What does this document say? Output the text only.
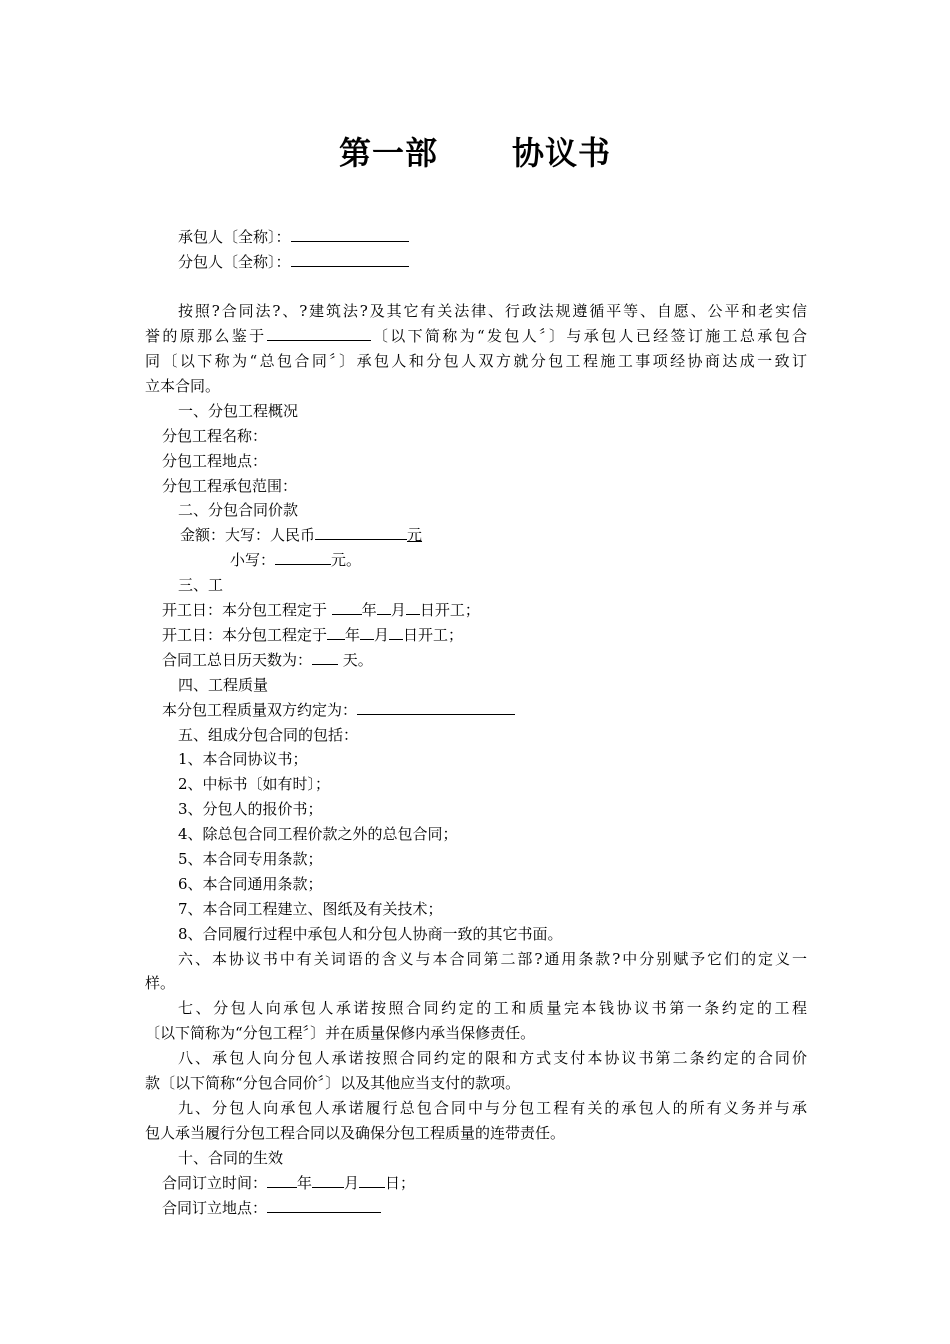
第一部 协议书
承包人〔全称〕：
分包人〔全称〕：
按照?合同法?、?建筑法?及其它有关法律、行政法规遵循平等、自愿、公平和老实信
誉的原那么鉴于	〔以下简称为“发包人〞〕与承包人已经签订施工总承包合
同〔以下称为“总包合同〞〕承包人和分包人双方就分包工程施工事项经协商达成一致订
立本合同。
一、分包工程概况
分包工程名称：
分包工程地点：
分包工程承包范围：
二、分包合同价款
金额：大写：人民币	元
小写：	元。
三、工
开工日：本分包工程定于 年 月 日开工；
开工日：本分包工程定于 年 月 日开工；
合同工总日历天数为： 天。
四、工程质量
本分包工程质量双方约定为：
五、组成分包合同的包括：
1、本合同协议书；
2、中标书〔如有时〕；
3、分包人的报价书；
4、除总包合同工程价款之外的总包合同；
5、本合同专用条款；
6、本合同通用条款；
7、本合同工程建立、图纸及有关技术；
8、合同履行过程中承包人和分包人协商一致的其它书面。
六、本协议书中有关词语的含义与本合同第二部?通用条款?中分别赋予它们的定义一
样。
七、分包人向承包人承诺按照合同约定的工和质量完本钱协议书第一条约定的工程
〔以下简称为“分包工程〞〕并在质量保修内承当保修责任。
八、承包人向分包人承诺按照合同约定的限和方式支付本协议书第二条约定的合同价
款〔以下简称“分包合同价〞〕以及其他应当支付的款项。
九、分包人向承包人承诺履行总包合同中与分包工程有关的承包人的所有义务并与承
包人承当履行分包工程合同以及确保分包工程质量的连带责任。
十、合同的生效
合同订立时间： 年 月 日；
合同订立地点：
